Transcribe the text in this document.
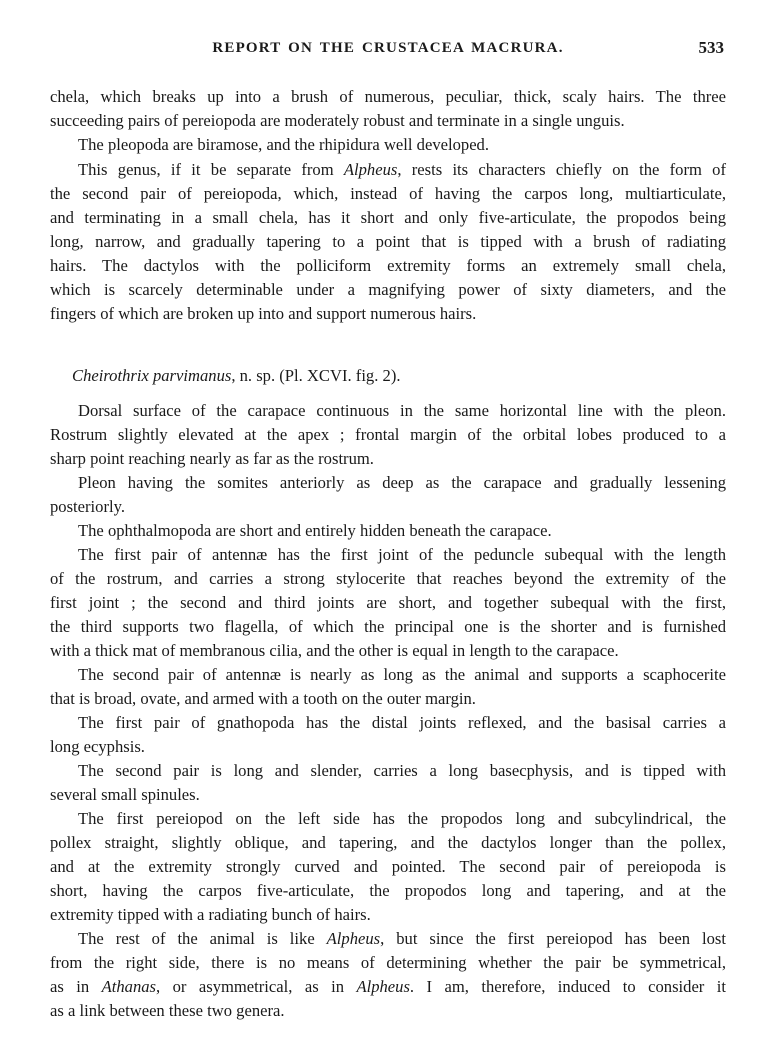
REPORT ON THE CRUSTACEA MACRURA.	533
chela, which breaks up into a brush of numerous, peculiar, thick, scaly hairs. The three
succeeding pairs of pereiopoda are moderately robust and terminate in a single unguis.
The pleopoda are biramose, and the rhipidura well developed.
This genus, if it be separate from Alpheus, rests its characters chiefly on the form of
the second pair of pereiopoda, which, instead of having the carpos long, multiarticulate,
and terminating in a small chela, has it short and only five-articulate, the propodos being
long, narrow, and gradually tapering to a point that is tipped with a brush of radiating
hairs. The dactylos with the polliciform extremity forms an extremely small chela,
which is scarcely determinable under a magnifying power of sixty diameters, and the
fingers of which are broken up into and support numerous hairs.
Cheirothrix parvimanus, n. sp. (Pl. XCVI. fig. 2).
Dorsal surface of the carapace continuous in the same horizontal line with the pleon.
Rostrum slightly elevated at the apex ; frontal margin of the orbital lobes produced to a
sharp point reaching nearly as far as the rostrum.
Pleon having the somites anteriorly as deep as the carapace and gradually lessening
posteriorly.
The ophthalmopoda are short and entirely hidden beneath the carapace.
The first pair of antennæ has the first joint of the peduncle subequal with the length
of the rostrum, and carries a strong stylocerite that reaches beyond the extremity of the
first joint ; the second and third joints are short, and together subequal with the first,
the third supports two flagella, of which the principal one is the shorter and is furnished
with a thick mat of membranous cilia, and the other is equal in length to the carapace.
The second pair of antennæ is nearly as long as the animal and supports a scaphocerite
that is broad, ovate, and armed with a tooth on the outer margin.
The first pair of gnathopoda has the distal joints reflexed, and the basisal carries a
long ecyphsis.
The second pair is long and slender, carries a long basecphysis, and is tipped with
several small spinules.
The first pereiopod on the left side has the propodos long and subcylindrical, the
pollex straight, slightly oblique, and tapering, and the dactylos longer than the pollex,
and at the extremity strongly curved and pointed. The second pair of pereiopoda is
short, having the carpos five-articulate, the propodos long and tapering, and at the
extremity tipped with a radiating bunch of hairs.
The rest of the animal is like Alpheus, but since the first pereiopod has been lost
from the right side, there is no means of determining whether the pair be symmetrical,
as in Athanas, or asymmetrical, as in Alpheus. I am, therefore, induced to consider it
as a link between these two genera.
